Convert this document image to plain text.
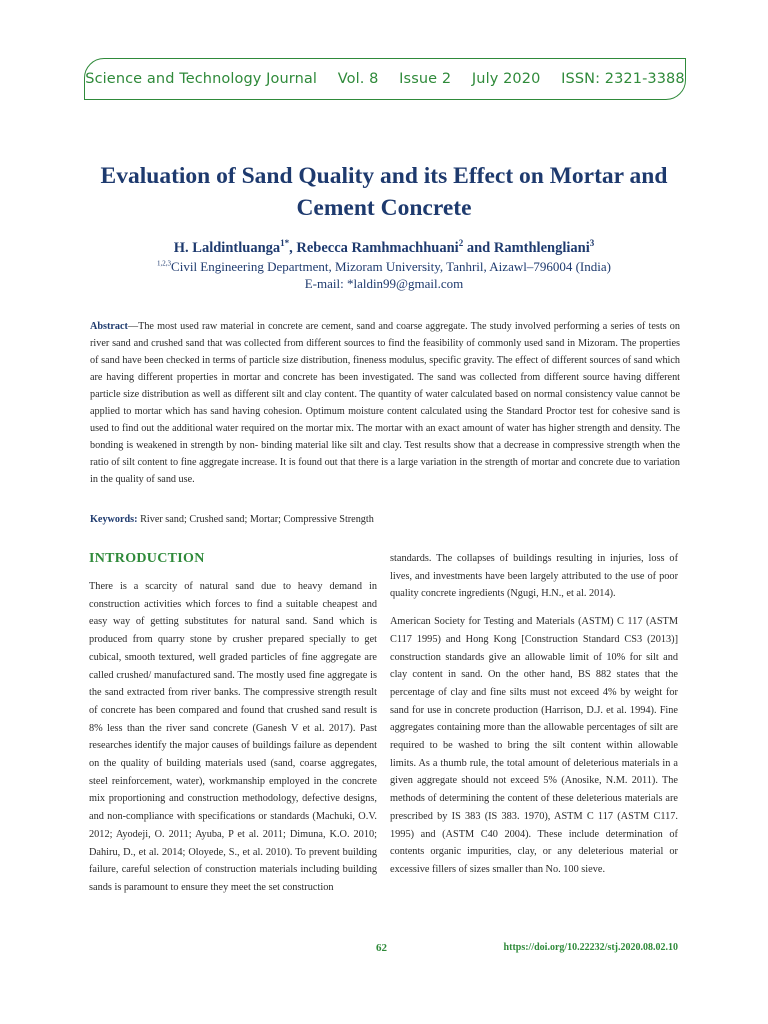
Science and Technology Journal Vol. 8 Issue 2 July 2020 ISSN: 2321-3388
Evaluation of Sand Quality and its Effect on Mortar and Cement Concrete
H. Laldintluanga$^{1*}$, Rebecca Ramhmachhuani$^2$ and Ramthlengliani$^3$
$^{1,2,3}$Civil Engineering Department, Mizoram University, Tanhril, Aizawl–796004 (India)
E-mail: *laldin99@gmail.com
Abstract—The most used raw material in concrete are cement, sand and coarse aggregate. The study involved performing a series of tests on river sand and crushed sand that was collected from different sources to find the feasibility of commonly used sand in Mizoram. The properties of sand have been checked in terms of particle size distribution, fineness modulus, specific gravity. The effect of different sources of sand which are having different properties in mortar and concrete has been investigated. The sand was collected from different source having different particle size distribution as well as different silt and clay content. The quantity of water calculated based on normal consistency value cannot be applied to mortar which has sand having cohesion. Optimum moisture content calculated using the Standard Proctor test for cohesive sand is used to find out the additional water required on the mortar mix. The mortar with an exact amount of water has higher strength and density. The bonding is weakened in strength by non- binding material like silt and clay. Test results show that a decrease in compressive strength when the ratio of silt content to fine aggregate increase. It is found out that there is a large variation in the strength of mortar and concrete due to variation in the quality of sand use.
Keywords: River sand; Crushed sand; Mortar; Compressive Strength
INTRODUCTION

There is a scarcity of natural sand due to heavy demand in construction activities which forces to find a suitable cheapest and easy way of getting substitutes for natural sand. Sand which is produced from quarry stone by crusher prepared specially to get cubical, smooth textured, well graded particles of fine aggregate are called crushed/ manufactured sand. The mostly used fine aggregate is the sand extracted from river banks. The compressive strength result of concrete has been compared and found that crushed sand result is 8% less than the river sand concrete (Ganesh V et al. 2017). Past researches identify the major causes of buildings failure as dependent on the quality of building materials used (sand, coarse aggregates, steel reinforcement, water), workmanship employed in the concrete mix proportioning and construction methodology, defective designs, and non-compliance with specifications or standards (Machuki, O.V. 2012; Ayodeji, O. 2011; Ayuba, P et al. 2011; Dimuna, K.O. 2010; Dahiru, D., et al. 2014; Oloyede, S., et al. 2010). To prevent building failure, careful selection of construction materials including building sands is paramount to ensure they meet the set construction

standards. The collapses of buildings resulting in injuries, loss of lives, and investments have been largely attributed to the use of poor quality concrete ingredients (Ngugi, H.N., et al. 2014).

American Society for Testing and Materials (ASTM) C 117 (ASTM C117 1995) and Hong Kong [Construction Standard CS3 (2013)] construction standards give an allowable limit of 10% for silt and clay content in sand. On the other hand, BS 882 states that the percentage of clay and fine silts must not exceed 4% by weight for sand for use in concrete production (Harrison, D.J. et al. 1994). Fine aggregates containing more than the allowable percentages of silt are required to be washed to bring the silt content within allowable limits. As a thumb rule, the total amount of deleterious materials in a given aggregate should not exceed 5% (Anosike, N.M. 2011). The methods of determining the content of these deleterious materials are prescribed by IS 383 (IS 383. 1970), ASTM C 117 (ASTM C117. 1995) and (ASTM C40 2004). These include determination of contents organic impurities, clay, or any deleterious material or excessive fillers of sizes smaller than No. 100 sieve.

62	https://doi.org/10.22232/stj.2020.08.02.10
